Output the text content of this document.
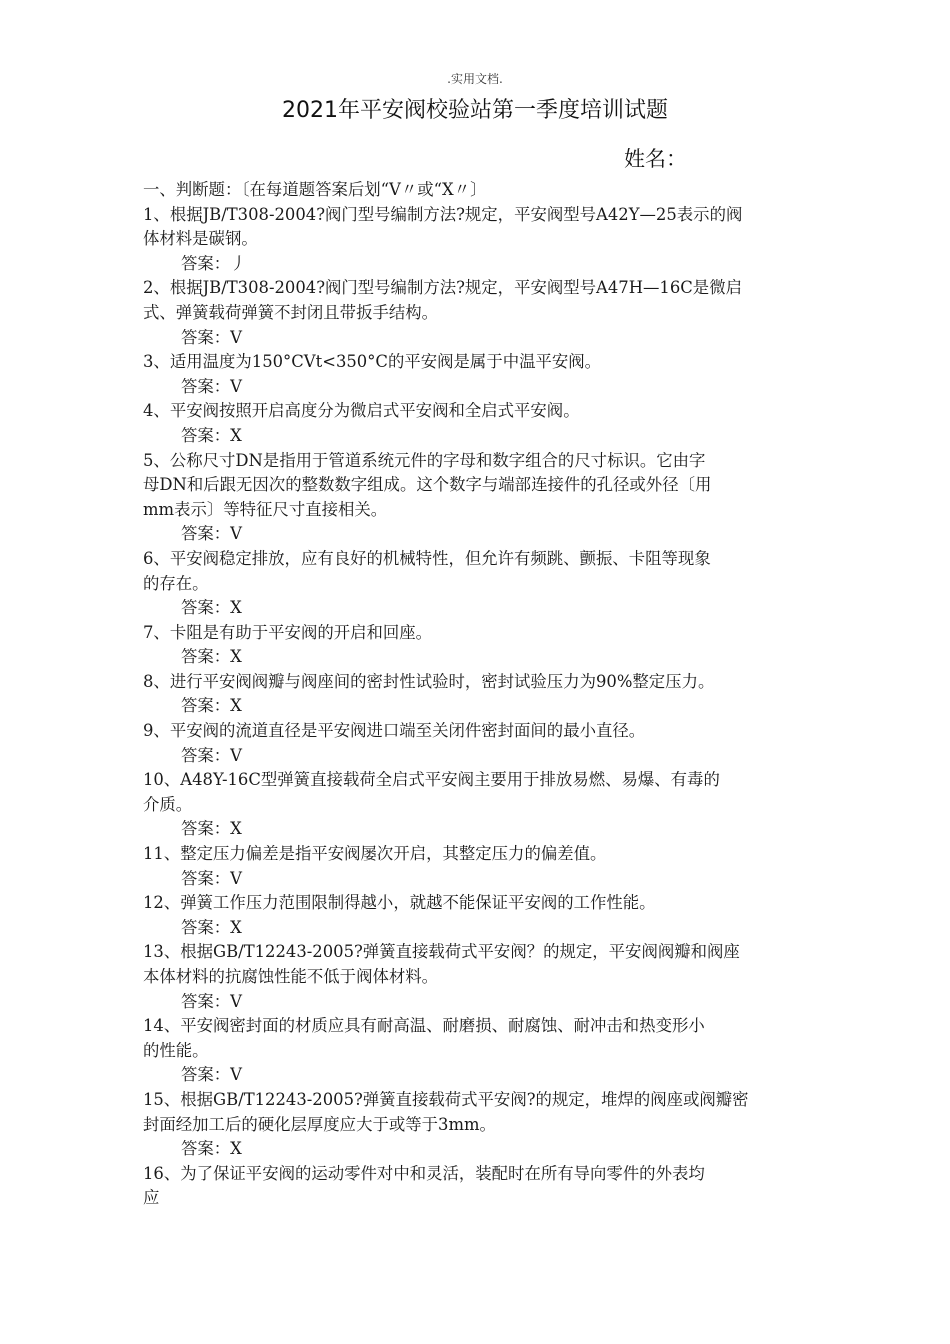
.实用文档.
2021年平安阀校验站第一季度培训试题
姓名：
一、判断题：〔在每道题答案后划“V〃或“X〃〕
1、根据JB/T308-2004?阀门型号编制方法?规定，平安阀型号A42Y—25表示的阀
体材料是碳钢。
答案：丿
2、根据JB/T308-2004?阀门型号编制方法?规定，平安阀型号A47H—16C是微启
式、弹簧载荷弹簧不封闭且带扳手结构。
答案：V
3、适用温度为150°CVt<350°C的平安阀是属于中温平安阀。
答案：V
4、平安阀按照开启高度分为微启式平安阀和全启式平安阀。
答案：X
5、公称尺寸DN是指用于管道系统元件的字母和数字组合的尺寸标识。它由字
母DN和后跟无因次的整数数字组成。这个数字与端部连接件的孔径或外径〔用
mm表示〕等特征尺寸直接相关。
答案：V
6、平安阀稳定排放，应有良好的机械特性，但允许有频跳、颤振、卡阻等现象
的存在。
答案：X
7、卡阻是有助于平安阀的开启和回座。
答案：X
8、进行平安阀阀瓣与阀座间的密封性试验时，密封试验压力为90%整定压力。
答案：X
9、平安阀的流道直径是平安阀进口端至关闭件密封面间的最小直径。
答案：V
10、A48Y-16C型弹簧直接载荷全启式平安阀主要用于排放易燃、易爆、有毒的
介质。
答案：X
11、整定压力偏差是指平安阀屡次开启，其整定压力的偏差值。
答案：V
12、弹簧工作压力范围限制得越小，就越不能保证平安阀的工作性能。
答案：X
13、根据GB/T12243-2005?弹簧直接载荷式平安阀？的规定，平安阀阀瓣和阀座
本体材料的抗腐蚀性能不低于阀体材料。
答案：V
14、平安阀密封面的材质应具有耐高温、耐磨损、耐腐蚀、耐冲击和热变形小
的性能。
答案：V
15、根据GB/T12243-2005?弹簧直接载荷式平安阀?的规定，堆焊的阀座或阀瓣密
封面经加工后的硬化层厚度应大于或等于3mm。
答案：X
16、为了保证平安阀的运动零件对中和灵活，装配时在所有导向零件的外表均
应
